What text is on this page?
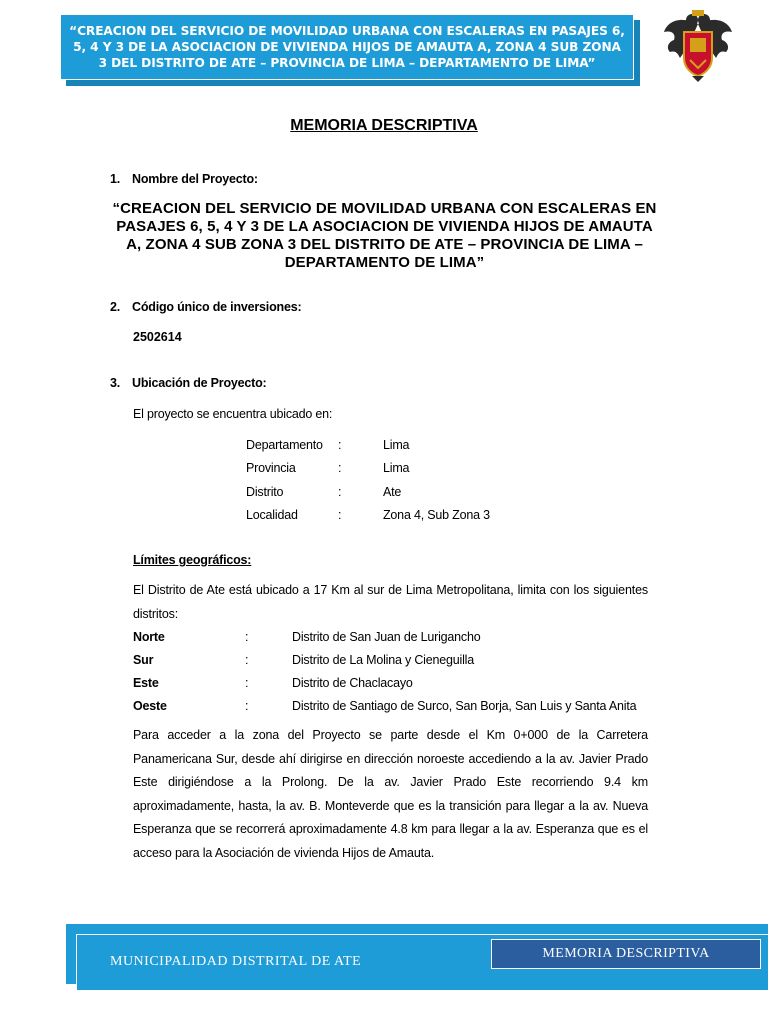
“CREACION DEL SERVICIO DE MOVILIDAD URBANA CON ESCALERAS EN PASAJES 6, 5, 4 Y 3 DE LA ASOCIACION DE VIVIENDA HIJOS DE AMAUTA A, ZONA 4 SUB ZONA 3 DEL DISTRITO DE ATE – PROVINCIA DE LIMA – DEPARTAMENTO DE LIMA”
MEMORIA DESCRIPTIVA
1. Nombre del Proyecto:
“CREACION DEL SERVICIO DE MOVILIDAD URBANA CON ESCALERAS EN PASAJES 6, 5, 4 Y 3 DE LA ASOCIACION DE VIVIENDA HIJOS DE AMAUTA A, ZONA 4 SUB ZONA 3 DEL DISTRITO DE ATE – PROVINCIA DE LIMA – DEPARTAMENTO DE LIMA”
2. Código único de inversiones:
2502614
3. Ubicación de Proyecto:
El proyecto se encuentra ubicado en:
Departamento :	Lima
Provincia	:	Lima
Distrito	:	Ate
Localidad	:	Zona 4, Sub Zona 3
Límites geográficos:
El Distrito de Ate está ubicado a 17 Km al sur de Lima Metropolitana, limita con los siguientes distritos:
Norte	:	Distrito de San Juan de Lurigancho
Sur	:	Distrito de La Molina y Cieneguilla
Este	:	Distrito de Chaclacayo
Oeste	:	Distrito de Santiago de Surco, San Borja, San Luis y Santa Anita
Para acceder a la zona del Proyecto se parte desde el Km 0+000 de la Carretera Panamericana Sur, desde ahí dirigirse en dirección noroeste accediendo a la av. Javier Prado Este dirigiéndose a la Prolong. De la av. Javier Prado Este recorriendo 9.4 km aproximadamente, hasta, la av. B. Monteverde que es la transición para llegar a la av. Nueva Esperanza que se recorrerá aproximadamente 4.8 km para llegar a la av. Esperanza que es el acceso para la Asociación de vivienda Hijos de Amauta.
MUNICIPALIDAD DISTRITAL DE ATE
MEMORIA DESCRIPTIVA
